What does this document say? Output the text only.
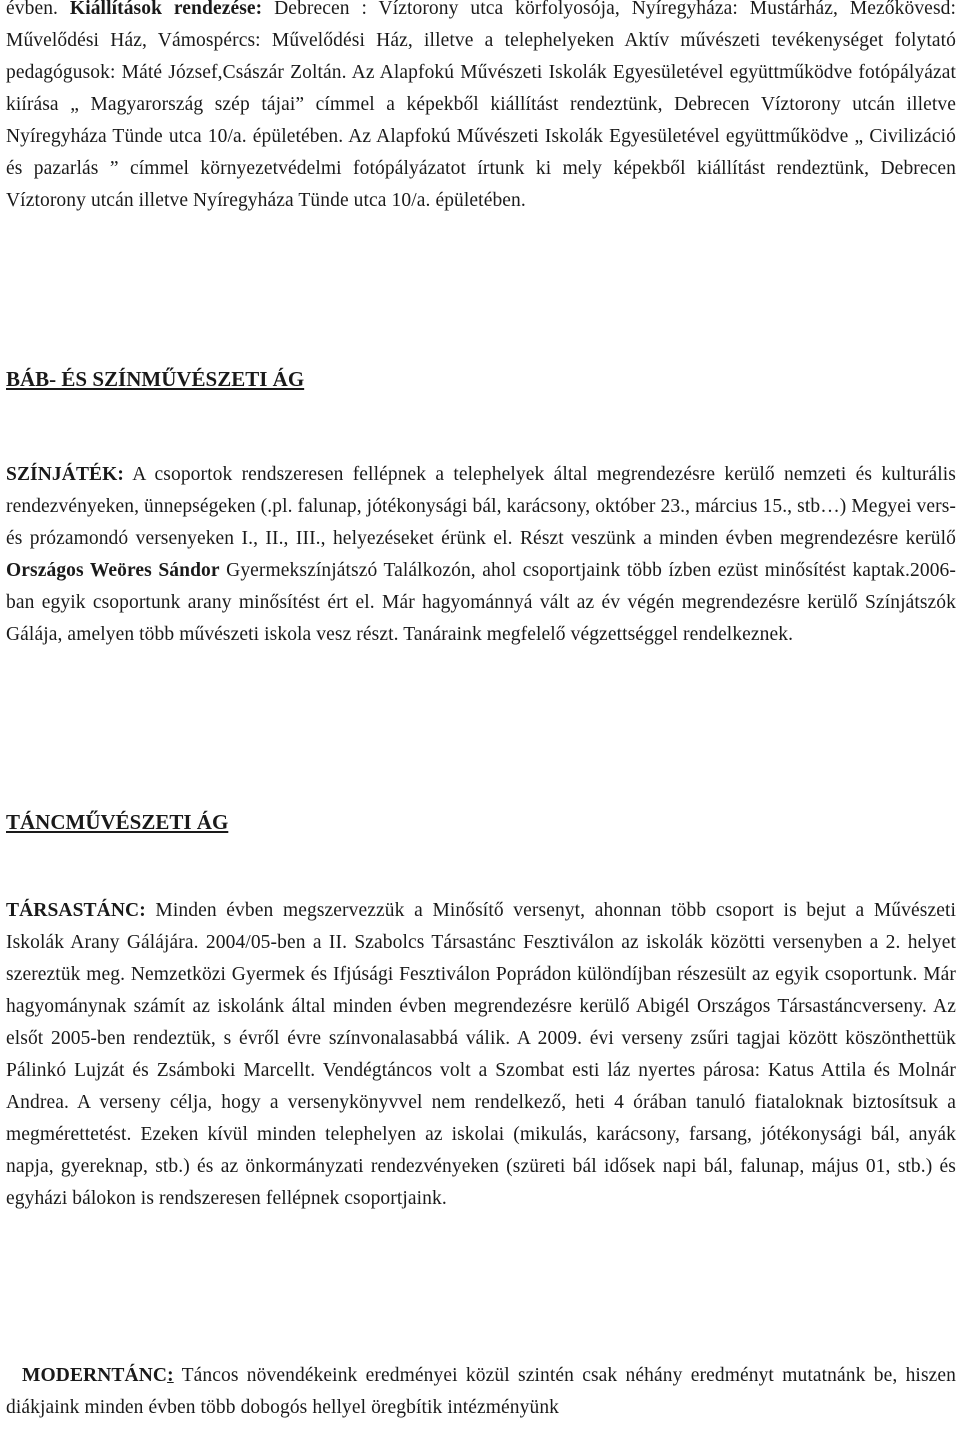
évben. Kiállítások rendezése: Debrecen : Víztorony utca körfolyosója, Nyíregyháza: Mustárház, Mezőkövesd: Művelődési Ház, Vámospércs: Művelődési Ház, illetve a telephelyeken Aktív művészeti tevékenységet folytató pedagógusok: Máté József,Császár Zoltán. Az Alapfokú Művészeti Iskolák Egyesületével együttműködve fotópályázat kiírása „ Magyarország szép tájai” címmel a képekből kiállítást rendeztünk, Debrecen Víztorony utcán illetve Nyíregyháza Tünde utca 10/a. épületében. Az Alapfokú Művészeti Iskolák Egyesületével együttműködve „ Civilizáció és pazarlás ” címmel környezetvédelmi fotópályázatot írtunk ki mely képekből kiállítást rendeztünk, Debrecen Víztorony utcán illetve Nyíregyháza Tünde utca 10/a. épületében.

BÁB- ÉS SZÍNMŰVÉSZETI ÁG

SZÍNJÁTÉK: A csoportok rendszeresen fellépnek a telephelyek által megrendezésre kerülő nemzeti és kulturális rendezvényeken, ünnepségeken (.pl. falunap, jótékonysági bál, karácsony, október 23., március 15., stb…) Megyei vers- és prózamondó versenyeken I., II., III., helyezéseket érünk el. Részt veszünk a minden évben megrendezésre kerülő Országos Weöres Sándor Gyermekszínjátszó Találkozón, ahol csoportjaink több ízben ezüst minősítést kaptak.2006-ban egyik csoportunk arany minősítést ért el. Már hagyománnyá vált az év végén megrendezésre kerülő Színjátszók Gálája, amelyen több művészeti iskola vesz részt. Tanáraink megfelelő végzettséggel rendelkeznek.

TÁNCMŰVÉSZETI ÁG

TÁRSASTÁNC: Minden évben megszervezzük a Minősítő versenyt, ahonnan több csoport is bejut a Művészeti Iskolák Arany Gálájára. 2004/05-ben a II. Szabolcs Társastánc Fesztiválon az iskolák közötti versenyben a 2. helyet szereztük meg. Nemzetközi Gyermek és Ifjúsági Fesztiválon Poprádon különdíjban részesült az egyik csoportunk. Már hagyománynak számít az iskolánk által minden évben megrendezésre kerülő Abigél Országos Társastáncverseny. Az elsőt 2005-ben rendeztük, s évről évre színvonalasabbá válik. A 2009. évi verseny zsűri tagjai között köszönthettük Pálinkó Lujzát és Zsámboki Marcellt. Vendégtáncos volt a Szombat esti láz nyertes párosa: Katus Attila és Molnár Andrea. A verseny célja, hogy a versenykönyvvel nem rendelkező, heti 4 órában tanuló fiataloknak biztosítsuk a megmérettetést. Ezeken kívül minden telephelyen az iskolai (mikulás, karácsony, farsang, jótékonysági bál, anyák napja, gyereknap, stb.) és az önkormányzati rendezvényeken (szüreti bál idősek napi bál, falunap, május 01, stb.) és egyházi bálokon is rendszeresen fellépnek csoportjaink.

MODERNTÁNC: Táncos növendékeink eredményei közül szintén csak néhány eredményt mutatnánk be, hiszen diákjaink minden évben több dobogós hellyel öregbítik intézményünk
